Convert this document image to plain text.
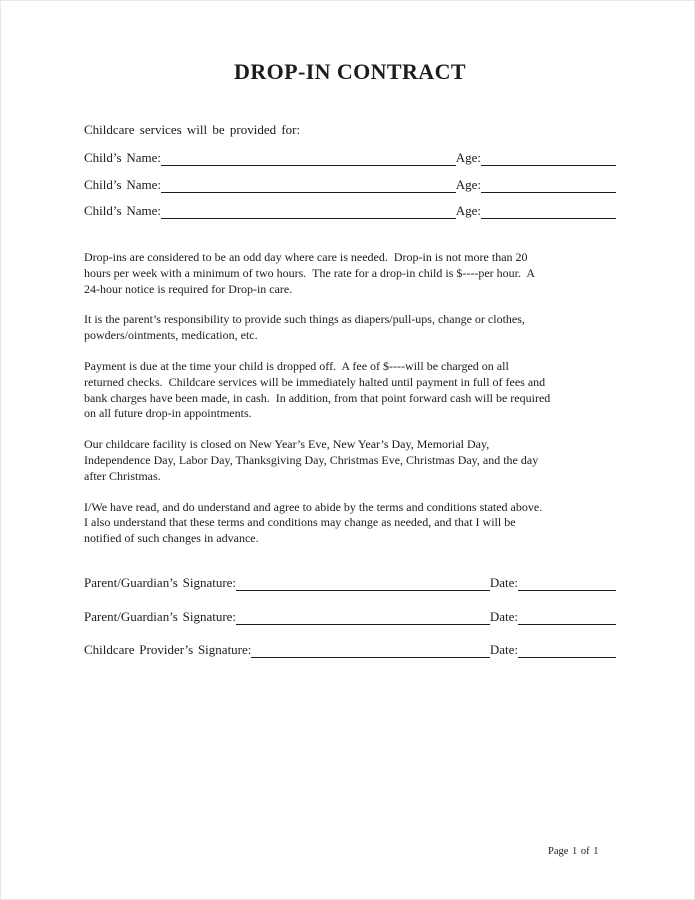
DROP-IN CONTRACT

Childcare services will be provided for:

Child’s Name:	Age:
Child’s Name:	Age:
Child’s Name:	Age:
Drop-ins are considered to be an odd day where care is needed.  Drop-in is not more than 20
hours per week with a minimum of two hours.  The rate for a drop-in child is $----per hour.  A
24-hour notice is required for Drop-in care.
It is the parent’s responsibility to provide such things as diapers/pull-ups, change or clothes,
powders/ointments, medication, etc.
Payment is due at the time your child is dropped off.  A fee of $----will be charged on all
returned checks.  Childcare services will be immediately halted until payment in full of fees and
bank charges have been made, in cash.  In addition, from that point forward cash will be required
on all future drop-in appointments.
Our childcare facility is closed on New Year’s Eve, New Year’s Day, Memorial Day,
Independence Day, Labor Day, Thanksgiving Day, Christmas Eve, Christmas Day, and the day
after Christmas.
I/We have read, and do understand and agree to abide by the terms and conditions stated above.
I also understand that these terms and conditions may change as needed, and that I will be
notified of such changes in advance.
Parent/Guardian’s Signature:	Date:
Parent/Guardian’s Signature:	Date:
Childcare Provider’s Signature:	Date:
Page 1 of 1
